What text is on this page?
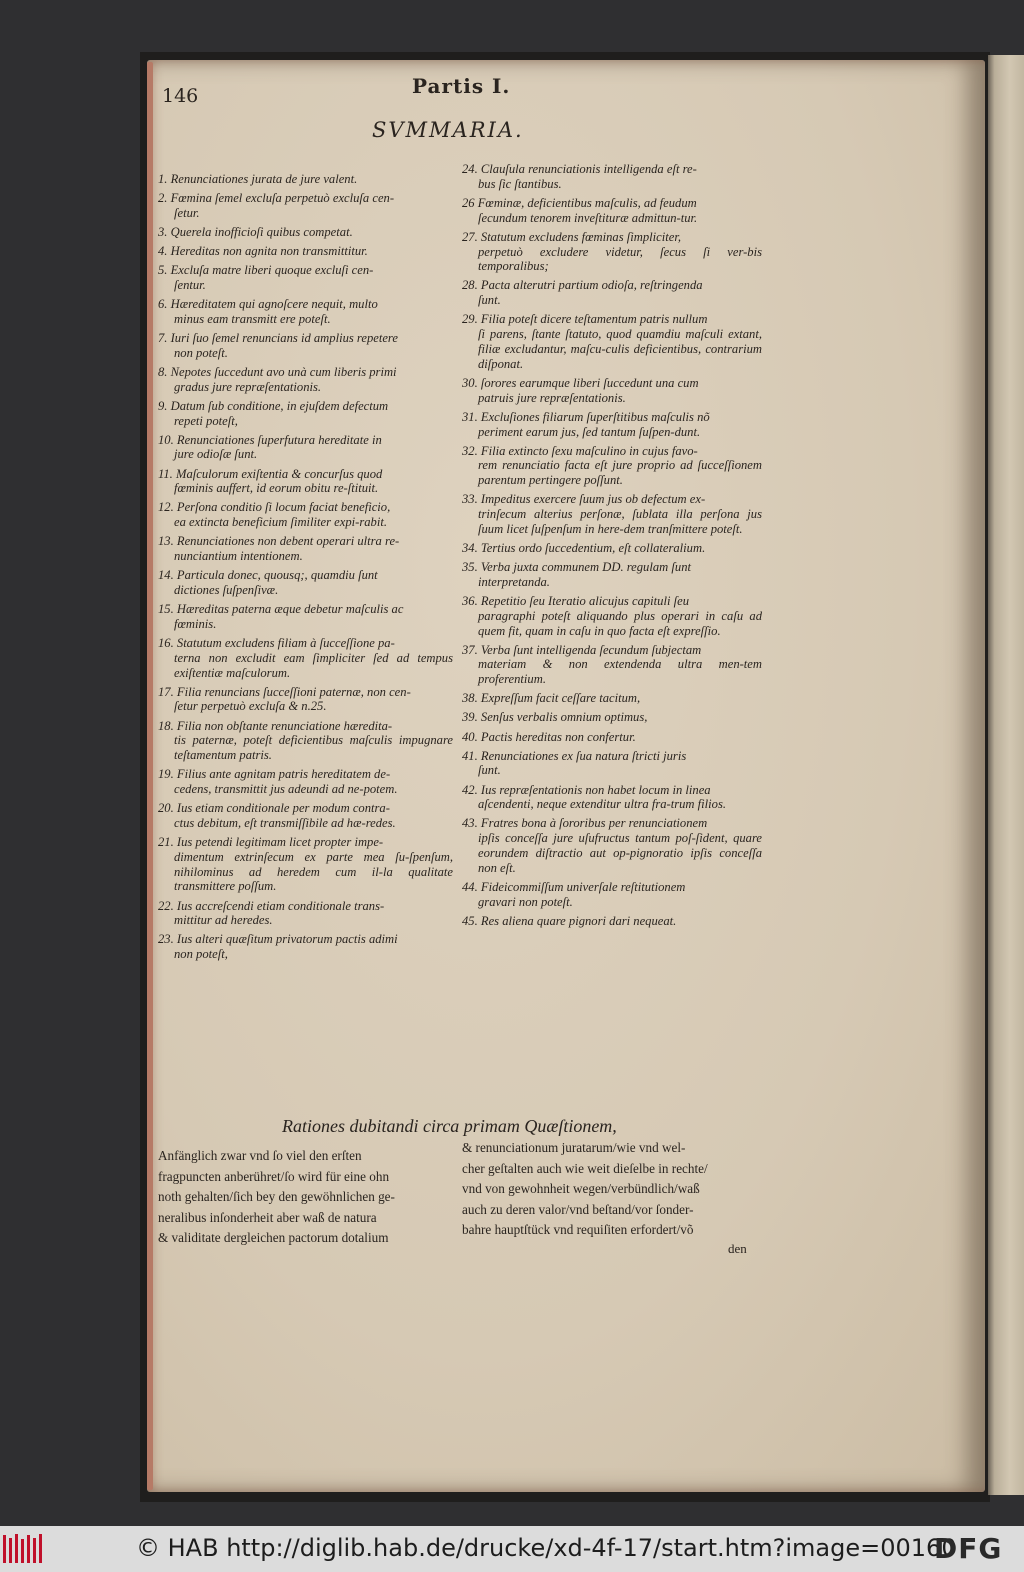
146	Partis I.
SVMMARIA.
1. Renunciationes jurata de jure valent.
2. Fœmina ſemel excluſa perpetuò excluſa cen-
ſetur.
3. Querela inofficioſi quibus competat.
4. Hereditas non agnita non transmittitur.
5. Excluſa matre liberi quoque excluſi cen-
ſentur.
6. Hæreditatem qui agnoſcere nequit, multo
minus eam transmitt ere poteſt.
7. Iuri ſuo ſemel renuncians id amplius repetere
non poteſt.
8. Nepotes ſuccedunt avo unà cum liberis primi
gradus jure repræſentationis.
9. Datum ſub conditione, in ejuſdem defectum
repeti poteſt,
10. Renunciationes ſuperfutura hereditate in
jure odioſæ ſunt.
11. Maſculorum exiſtentia & concurſus quod
fœminis auffert, id eorum obitu re-ſtituit.
12. Perſona conditio ſi locum faciat beneficio,
ea extincta beneficium ſimiliter expi-rabit.
13. Renunciationes non debent operari ultra re-
nunciantium intentionem.
14. Particula donec, quousq;, quamdiu ſunt
dictiones ſuſpenſivæ.
15. Hæreditas paterna æque debetur maſculis ac
fœminis.
16. Statutum excludens filiam à ſucceſſione pa-
terna non excludit eam ſimpliciter ſed ad tempus exiſtentiæ maſculorum.
17. Filia renuncians ſucceſſioni paternæ, non cen-
ſetur perpetuò excluſa & n.25.
18. Filia non obſtante renunciatione hæredita-
tis paternæ, poteſt deficientibus maſculis impugnare teſtamentum patris.
19. Filius ante agnitam patris hereditatem de-
cedens, transmittit jus adeundi ad ne-potem.
20. Ius etiam conditionale per modum contra-
ctus debitum, eſt transmiſſibile ad hæ-redes.
21. Ius petendi legitimam licet propter impe-
dimentum extrinſecum ex parte mea ſu-ſpenſum, nihilominus ad heredem cum il-la qualitate transmittere poſſum.
22. Ius accreſcendi etiam conditionale trans-
mittitur ad heredes.
23. Ius alteri quæſitum privatorum pactis adimi
non poteſt,
24. Clauſula renunciationis intelligenda eſt re-
bus ſic ſtantibus.
26 Fœminæ, deficientibus maſculis, ad feudum
ſecundum tenorem inveſtituræ admittun-tur.
27. Statutum excludens fœminas ſimpliciter,
perpetuò excludere videtur, ſecus ſi ver-bis temporalibus;
28. Pacta alterutri partium odioſa, reſtringenda
ſunt.
29. Filia poteſt dicere teſtamentum patris nullum
ſi parens, ſtante ſtatuto, quod quamdiu maſculi extant, filiæ excludantur, maſcu-culis deficientibus, contrarium diſponat.
30. ſorores earumque liberi ſuccedunt una cum
patruis jure repræſentationis.
31. Excluſiones filiarum ſuperſtitibus maſculis nõ
periment earum jus, ſed tantum ſuſpen-dunt.
32. Filia extincto ſexu maſculino in cujus favo-
rem renunciatio facta eſt jure proprio ad ſucceſſionem parentum pertingere poſſunt.
33. Impeditus exercere ſuum jus ob defectum ex-
trinſecum alterius perſonæ, ſublata illa perſona jus ſuum licet ſuſpenſum in here-dem tranſmittere poteſt.
34. Tertius ordo ſuccedentium, eſt collateralium.
35. Verba juxta communem DD. regulam ſunt
interpretanda.
36. Repetitio ſeu Iteratio alicujus capituli ſeu
paragraphi poteſt aliquando plus operari in caſu ad quem fit, quam in caſu in quo facta eſt expreſſio.
37. Verba ſunt intelligenda ſecundum ſubjectam
materiam & non extendenda ultra men-tem proferentium.
38. Expreſſum facit ceſſare tacitum,
39. Senſus verbalis omnium optimus,
40. Pactis hereditas non confertur.
41. Renunciationes ex ſua natura ſtricti juris
ſunt.
42. Ius repræſentationis non habet locum in linea
aſcendenti, neque extenditur ultra fra-trum filios.
43. Fratres bona à ſororibus per renunciationem
ipſis conceſſa jure uſufructus tantum poſ-ſident, quare eorundem diſtractio aut op-pignoratio ipſis conceſſa non eſt.
44. Fideicommiſſum univerſale reſtitutionem
gravari non poteſt.
45. Res aliena quare pignori dari nequeat.
Rationes dubitandi circa primam Quæſtionem,
Anfänglich zwar vnd ſo viel den erſten
fragpuncten anberühret/ſo wird für eine ohn
noth gehalten/ſich bey den gewöhnlichen ge-
neralibus inſonderheit aber waß de natura
& validitate dergleichen pactorum dotalium
& renunciationum juratarum/wie vnd wel-
cher geſtalten auch wie weit dieſelbe in rechte/
vnd von gewohnheit wegen/verbündlich/waß
auch zu deren valor/vnd beſtand/vor ſonder-
bahre hauptſtück vnd requiſiten erfordert/võ
den
© HAB http://diglib.hab.de/drucke/xd-4f-17/start.htm?image=00160
DFG
